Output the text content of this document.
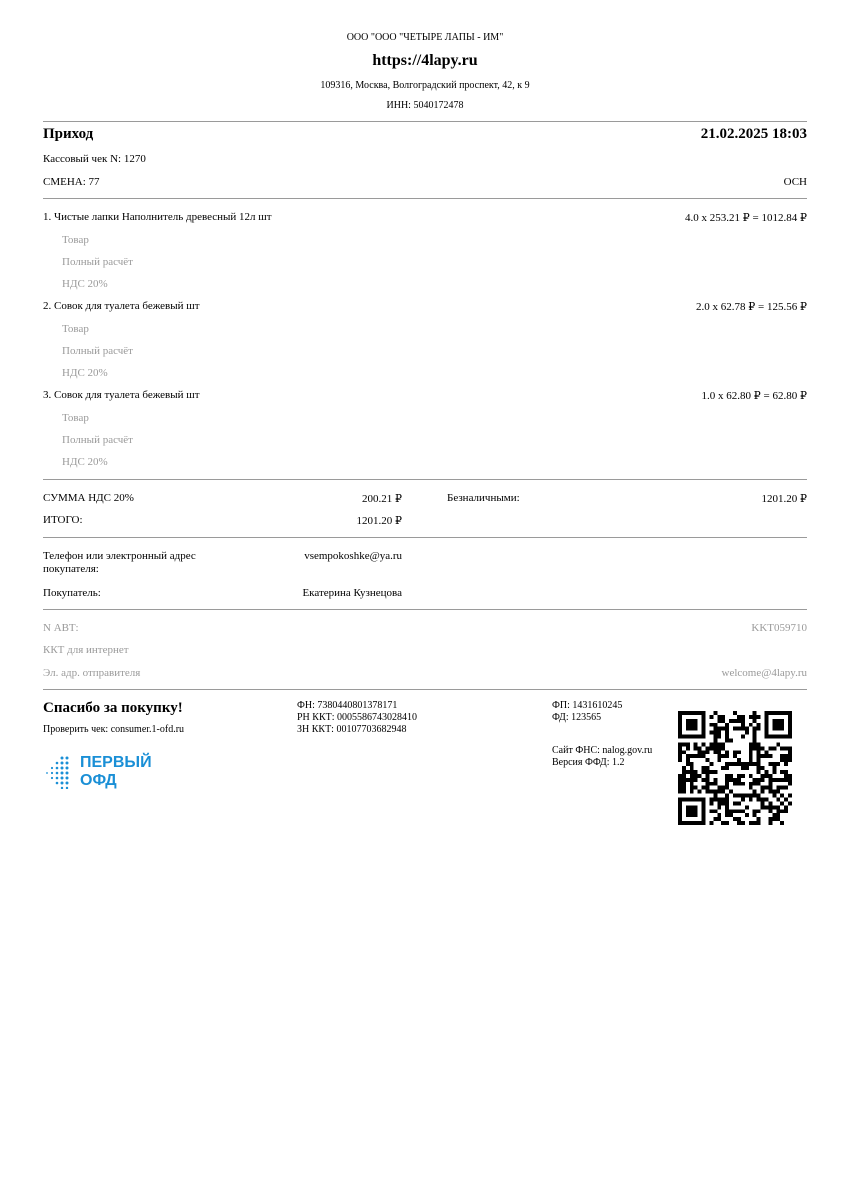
ООО "ООО "ЧЕТЫРЕ ЛАПЫ - ИМ"
https://4lapy.ru
109316, Москва, Волгоградский проспект, 42, к 9
ИНН: 5040172478
Приход	21.02.2025 18:03
Кассовый чек N: 1270
СМЕНА: 77	ОСН
1. Чистые лапки Наполнитель древесный 12л шт	4.0 x 253.21 ₽ = 1012.84 ₽
Товар
Полный расчёт
НДС 20%
2. Совок для туалета бежевый шт	2.0 x 62.78 ₽ = 125.56 ₽
Товар
Полный расчёт
НДС 20%
3. Совок для туалета бежевый шт	1.0 x 62.80 ₽ = 62.80 ₽
Товар
Полный расчёт
НДС 20%
СУММА НДС 20%	200.21 ₽	Безналичными:	1201.20 ₽
ИТОГО:	1201.20 ₽
Телефон или электронный адрес покупателя:
vsempokoshke@ya.ru
Покупатель:	Екатерина Кузнецова
N АВТ:	KKT059710
ККТ для интернет
Эл. адр. отправителя	welcome@4lapy.ru
Спасибо за покупку!
Проверить чек: consumer.1-ofd.ru
ПЕРВЫЙ
ОФД
ФН: 7380440801378171
РН ККТ: 0005586743028410
ЗН ККТ: 00107703682948
ФП: 1431610245
ФД: 123565
Сайт ФНС: nalog.gov.ru
Версия ФФД: 1.2
